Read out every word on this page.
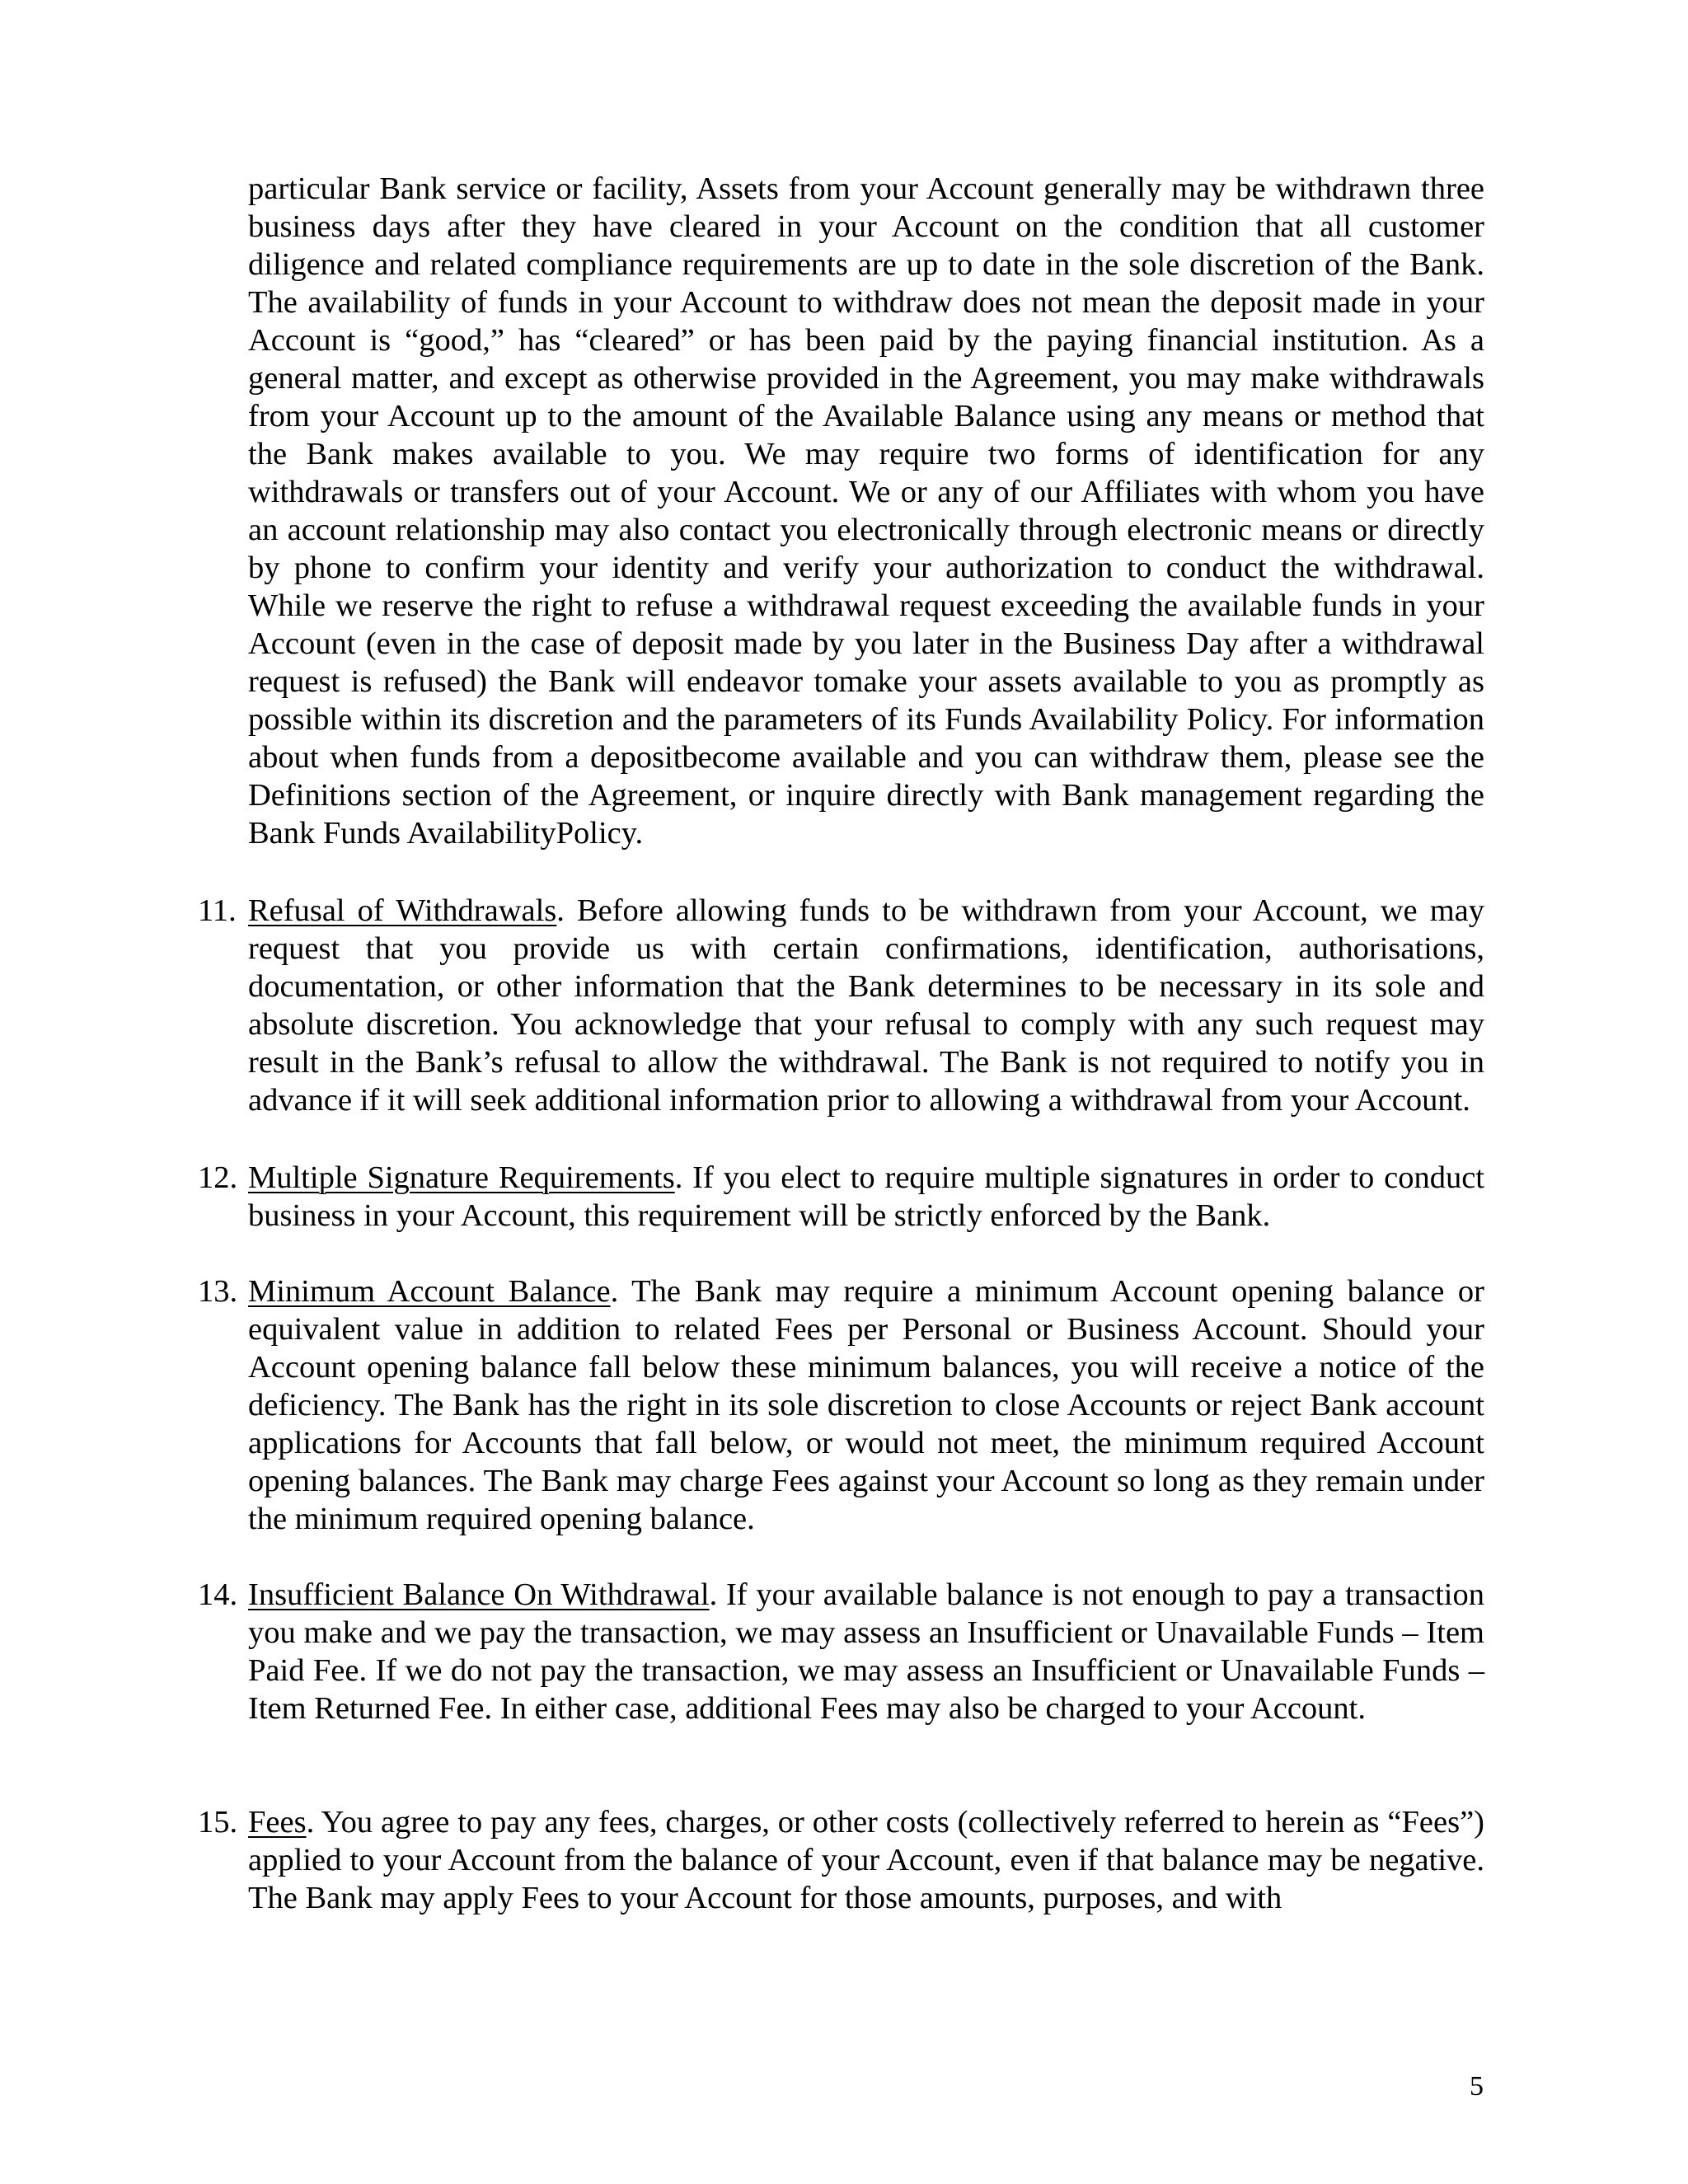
particular Bank service or facility, Assets from your Account generally may be withdrawn three business days after they have cleared in your Account on the condition that all customer diligence and related compliance requirements are up to date in the sole discretion of the Bank. The availability of funds in your Account to withdraw does not mean the deposit made in your Account is “good,” has “cleared” or has been paid by the paying financial institution. As a general matter, and except as otherwise provided in the Agreement, you may make withdrawals from your Account up to the amount of the Available Balance using any means or method that the Bank makes available to you. We may require two forms of identification for any withdrawals or transfers out of your Account. We or any of our Affiliates with whom you have an account relationship may also contact you electronically through electronic means or directly by phone to confirm your identity and verify your authorization to conduct the withdrawal. While we reserve the right to refuse a withdrawal request exceeding the available funds in your Account (even in the case of deposit made by you later in the Business Day after a withdrawal request is refused) the Bank will endeavor tomake your assets available to you as promptly as possible within its discretion and the parameters of its Funds Availability Policy. For information about when funds from a depositbecome available and you can withdraw them, please see the Definitions section of the Agreement, or inquire directly with Bank management regarding the Bank Funds AvailabilityPolicy.

11. Refusal of Withdrawals. Before allowing funds to be withdrawn from your Account, we may request that you provide us with certain confirmations, identification, authorisations, documentation, or other information that the Bank determines to be necessary in its sole and absolute discretion. You acknowledge that your refusal to comply with any such request may result in the Bank’s refusal to allow the withdrawal. The Bank is not required to notify you in advance if it will seek additional information prior to allowing a withdrawal from your Account.
12. Multiple Signature Requirements. If you elect to require multiple signatures in order to conduct business in your Account, this requirement will be strictly enforced by the Bank.
13. Minimum Account Balance. The Bank may require a minimum Account opening balance or equivalent value in addition to related Fees per Personal or Business Account. Should your Account opening balance fall below these minimum balances, you will receive a notice of the deficiency. The Bank has the right in its sole discretion to close Accounts or reject Bank account applications for Accounts that fall below, or would not meet, the minimum required Account opening balances. The Bank may charge Fees against your Account so long as they remain under the minimum required opening balance.
14. Insufficient Balance On Withdrawal. If your available balance is not enough to pay a transaction you make and we pay the transaction, we may assess an Insufficient or Unavailable Funds – Item Paid Fee. If we do not pay the transaction, we may assess an Insufficient or Unavailable Funds – Item Returned Fee. In either case, additional Fees may also be charged to your Account.
15. Fees. You agree to pay any fees, charges, or other costs (collectively referred to herein as “Fees”) applied to your Account from the balance of your Account, even if that balance may be negative. The Bank may apply Fees to your Account for those amounts, purposes, and with
5
